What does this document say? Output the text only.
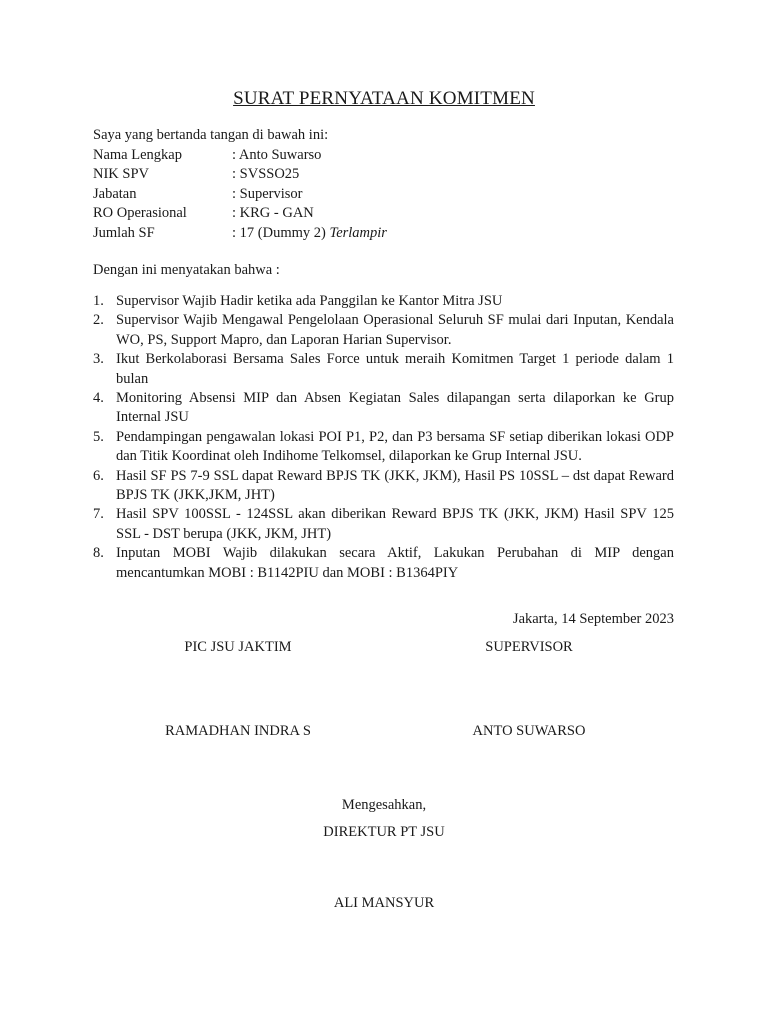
SURAT PERNYATAAN KOMITMEN
Saya yang bertanda tangan di bawah ini:
Nama Lengkap	: Anto Suwarso
NIK SPV	: SVSSO25
Jabatan	: Supervisor
RO Operasional	: KRG - GAN
Jumlah SF	: 17 (Dummy 2) Terlampir
Dengan ini menyatakan bahwa :
1. Supervisor Wajib Hadir ketika ada Panggilan ke Kantor Mitra JSU
2. Supervisor Wajib Mengawal Pengelolaan Operasional Seluruh SF mulai dari Inputan, Kendala WO, PS, Support Mapro, dan Laporan Harian Supervisor.
3. Ikut Berkolaborasi Bersama Sales Force untuk meraih Komitmen Target 1 periode dalam 1 bulan
4. Monitoring Absensi MIP dan Absen Kegiatan Sales dilapangan serta dilaporkan ke Grup Internal JSU
5. Pendampingan pengawalan lokasi POI P1, P2, dan P3 bersama SF setiap diberikan lokasi ODP dan Titik Koordinat oleh Indihome Telkomsel, dilaporkan ke Grup Internal JSU.
6. Hasil SF PS 7-9 SSL dapat Reward BPJS TK (JKK, JKM), Hasil PS 10SSL – dst dapat Reward BPJS TK (JKK,JKM, JHT)
7. Hasil SPV 100SSL - 124SSL akan diberikan Reward BPJS TK (JKK, JKM) Hasil SPV 125 SSL - DST berupa (JKK, JKM, JHT)
8. Inputan MOBI Wajib dilakukan secara Aktif, Lakukan Perubahan di MIP dengan mencantumkan MOBI : B1142PIU dan MOBI : B1364PIY
Jakarta, 14 September 2023
PIC JSU JAKTIM	SUPERVISOR
RAMADHAN INDRA S	ANTO SUWARSO
Mengesahkan,
DIREKTUR PT JSU
ALI MANSYUR
